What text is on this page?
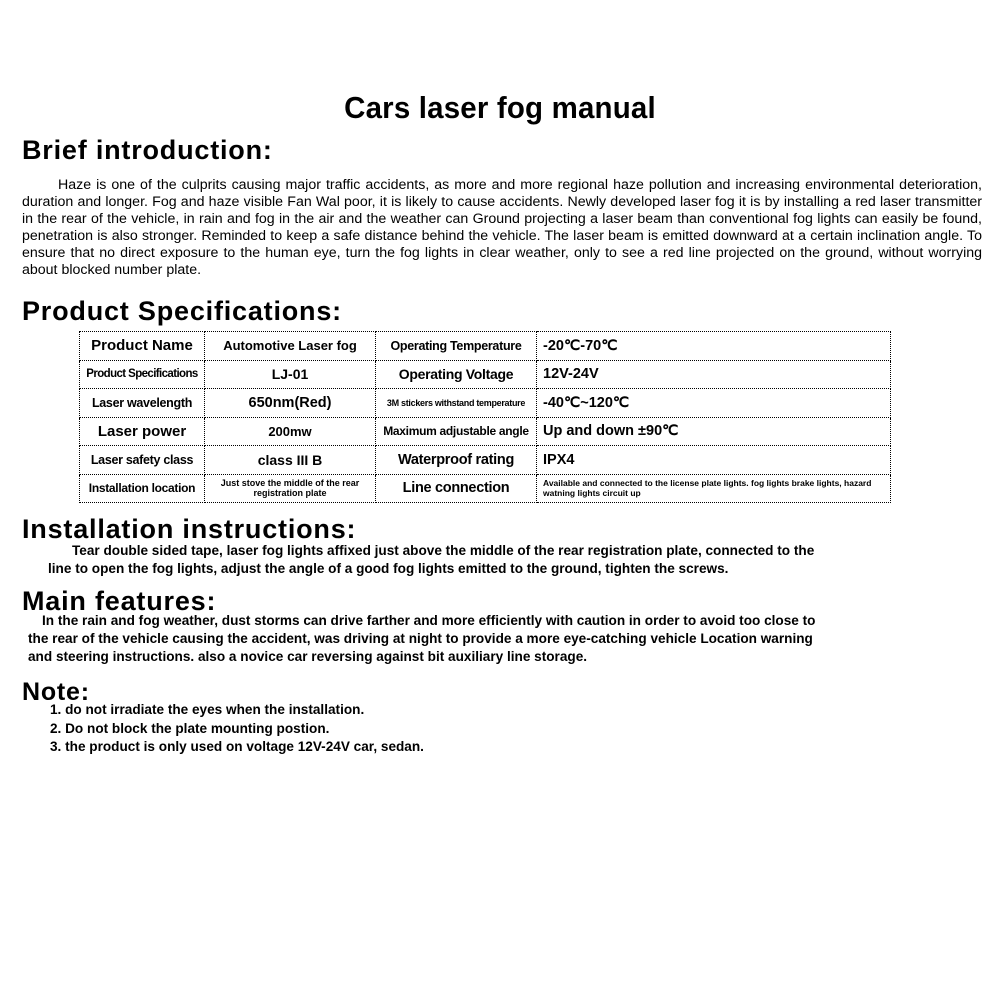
Cars laser fog manual
Brief introduction:

Haze is one of the culprits causing major traffic accidents, as more and more regional haze pollution and increasing environmental deterioration, duration and longer. Fog and haze visible Fan Wal poor, it is likely to cause accidents. Newly developed laser fog it is by installing a red laser transmitter in the rear of the vehicle, in rain and fog in the air and the weather can Ground projecting a laser beam than conventional fog lights can easily be found, penetration is also stronger. Reminded to keep a safe distance behind the vehicle. The laser beam is emitted downward at a certain inclination angle. To ensure that no direct exposure to the human eye, turn the fog lights in clear weather, only to see a red line projected on the ground, without worrying about blocked number plate.

Product Specifications:
Product Name	Automotive Laser fog	Operating Temperature	-20℃-70℃
Product Specifications	LJ-01	Operating Voltage	12V-24V
Laser wavelength	650nm(Red)	3M stickers withstand temperature	-40℃~120℃
Laser power	200mw	Maximum adjustable angle	Up and down ±90℃
Laser safety class	class III B	Waterproof rating	IPX4
Installation location	Just stove the middle of the rear registration plate	Line connection	Available and connected to the license plate lights. fog lights brake lights, hazard watning lights circuit up

Installation instructions:
Tear double sided tape, laser fog lights affixed just above the middle of the rear registration plate, connected to the
line to open the fog lights, adjust the angle of a good fog lights emitted to the ground, tighten the screws.
Main features:
In the rain and fog weather, dust storms can drive farther and more efficiently with caution in order to avoid too close to
the rear of the vehicle causing the accident, was driving at night to provide a more eye-catching vehicle Location warning
and steering instructions. also a novice car reversing against bit auxiliary line storage.
Note:
1. do not irradiate the eyes when the installation.
2. Do not block the plate mounting postion.
3. the product is only used on voltage 12V-24V car, sedan.
